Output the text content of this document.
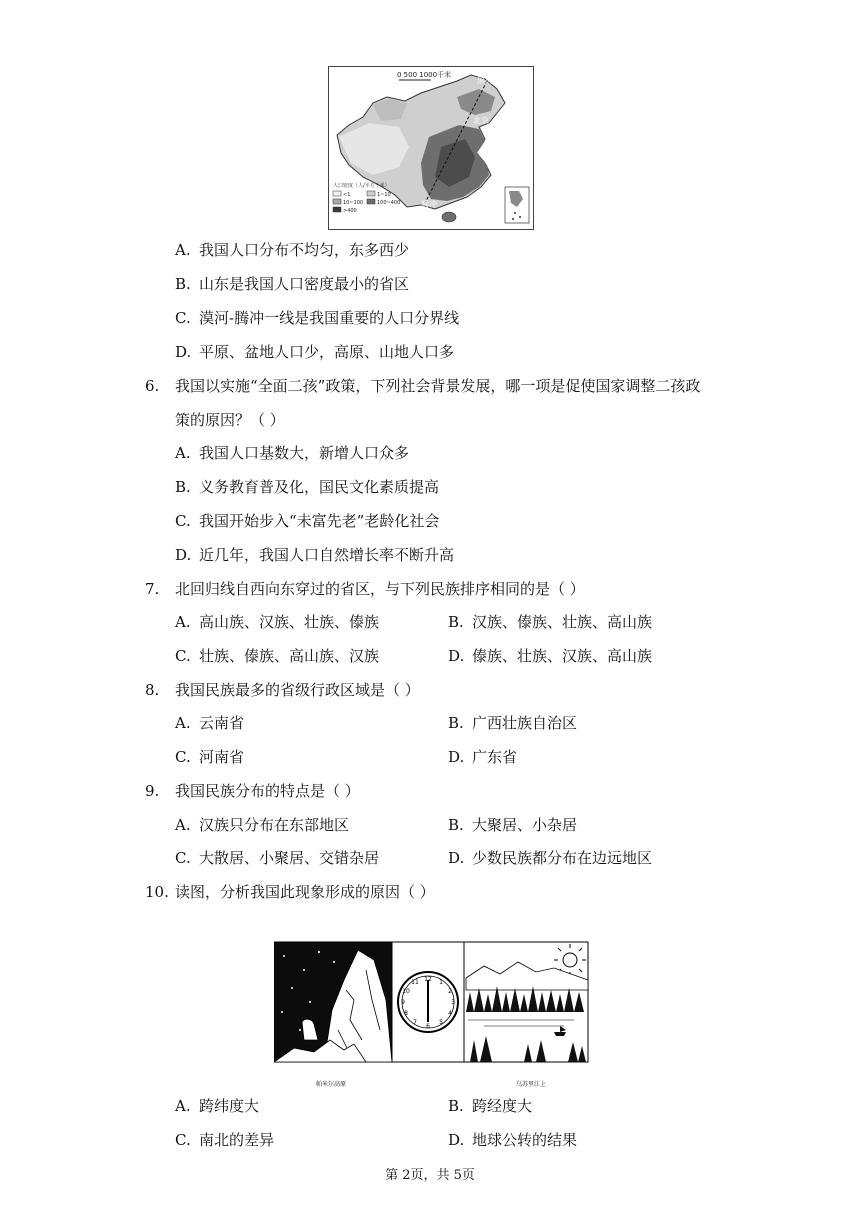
0 500 1000千米
黑河
北京
腾冲
人口密度（人/平方千米）
<1	1~10
10~100	100~400
>400
A. 我国人口分布不均匀，东多西少
B. 山东是我国人口密度最小的省区
C. 漠河-腾冲一线是我国重要的人口分界线
D. 平原、盆地人口少，高原、山地人口多
6. 我国以实施“全面二孩”政策，下列社会背景发展，哪一项是促使国家调整二孩政
策的原因？（ ）
A. 我国人口基数大，新增人口众多
B. 义务教育普及化，国民文化素质提高
C. 我国开始步入“未富先老”老龄化社会
D. 近几年，我国人口自然增长率不断升高
7. 北回归线自西向东穿过的省区，与下列民族排序相同的是（ ）
A. 高山族、汉族、壮族、傣族	B. 汉族、傣族、壮族、高山族
C. 壮族、傣族、高山族、汉族	D. 傣族、壮族、汉族、高山族
8. 我国民族最多的省级行政区域是（ ）
A. 云南省	B. 广西壮族自治区
C. 河南省	D. 广东省
9. 我国民族分布的特点是（ ）
A. 汉族只分布在东部地区	B. 大聚居、小杂居
C. 大散居、小聚居、交错杂居	D. 少数民族都分布在边远地区
10. 读图，分析我国此现象形成的原因（ ）
12 1
2
3
4
5
6
7
8
9
10
11
帕米尔高原	乌苏里江上
A. 跨纬度大	B. 跨经度大
C. 南北的差异	D. 地球公转的结果
第 2页，共 5页
